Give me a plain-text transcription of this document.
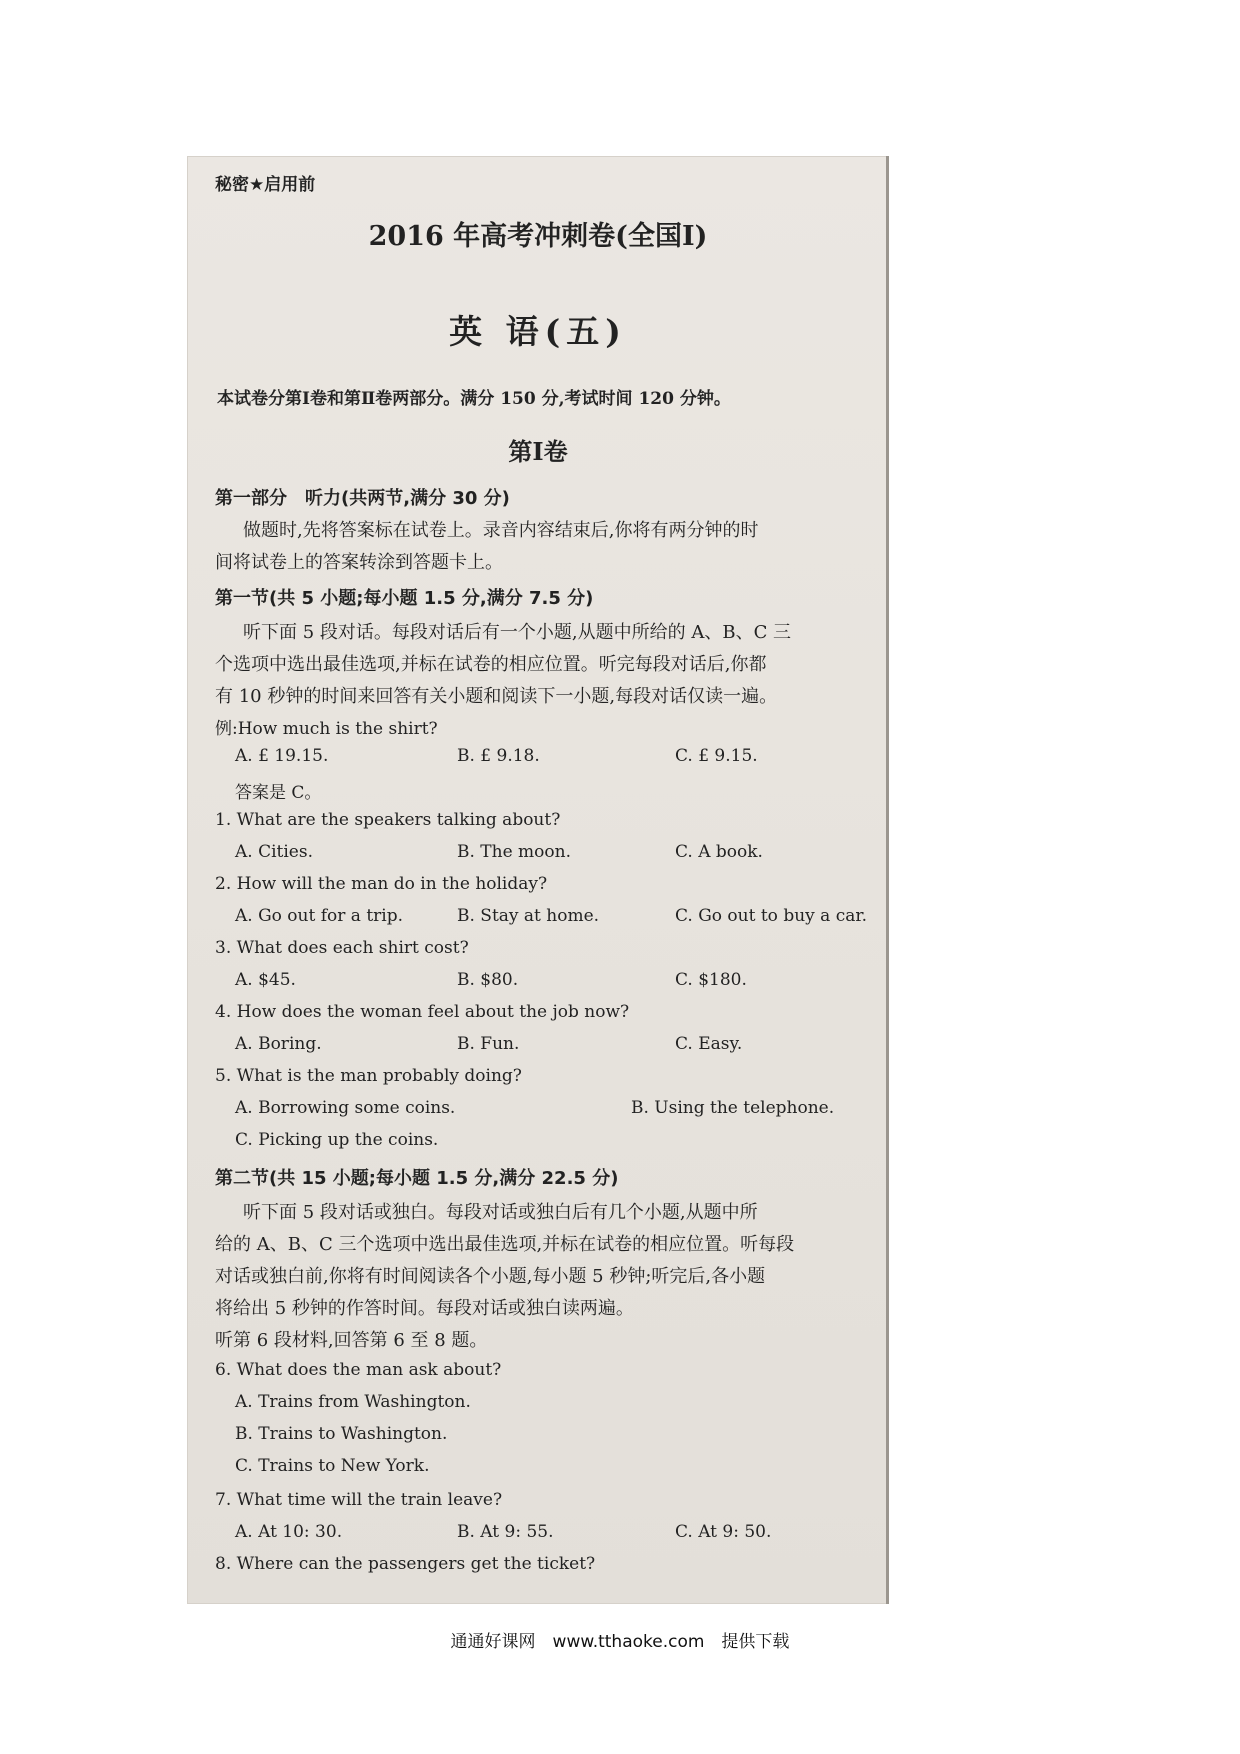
秘密★启用前
2016 年高考冲刺卷(全国Ⅰ)
英 语(五)
本试卷分第Ⅰ卷和第Ⅱ卷两部分。满分 150 分,考试时间 120 分钟。
第Ⅰ卷
第一部分　听力(共两节,满分 30 分)
做题时,先将答案标在试卷上。录音内容结束后,你将有两分钟的时
间将试卷上的答案转涂到答题卡上。
第一节(共 5 小题;每小题 1.5 分,满分 7.5 分)
听下面 5 段对话。每段对话后有一个小题,从题中所给的 A、B、C 三
个选项中选出最佳选项,并标在试卷的相应位置。听完每段对话后,你都
有 10 秒钟的时间来回答有关小题和阅读下一小题,每段对话仅读一遍。
例:How much is the shirt?
A. £ 19.15.	B. £ 9.18.	C. £ 9.15.
答案是 C。
1. What are the speakers talking about?
A. Cities.	B. The moon.	C. A book.
2. How will the man do in the holiday?
A. Go out for a trip.	B. Stay at home.	C. Go out to buy a car.
3. What does each shirt cost?
A. $45.	B. $80.	C. $180.
4. How does the woman feel about the job now?
A. Boring.	B. Fun.	C. Easy.
5. What is the man probably doing?
A. Borrowing some coins.	B. Using the telephone.
C. Picking up the coins.
第二节(共 15 小题;每小题 1.5 分,满分 22.5 分)
听下面 5 段对话或独白。每段对话或独白后有几个小题,从题中所
给的 A、B、C 三个选项中选出最佳选项,并标在试卷的相应位置。听每段
对话或独白前,你将有时间阅读各个小题,每小题 5 秒钟;听完后,各小题
将给出 5 秒钟的作答时间。每段对话或独白读两遍。
听第 6 段材料,回答第 6 至 8 题。
6. What does the man ask about?
A. Trains from Washington.
B. Trains to Washington.
C. Trains to New York.
7. What time will the train leave?
A. At 10: 30.	B. At 9: 55.	C. At 9: 50.
8. Where can the passengers get the ticket?
通通好课网　www.tthaoke.com　提供下载
